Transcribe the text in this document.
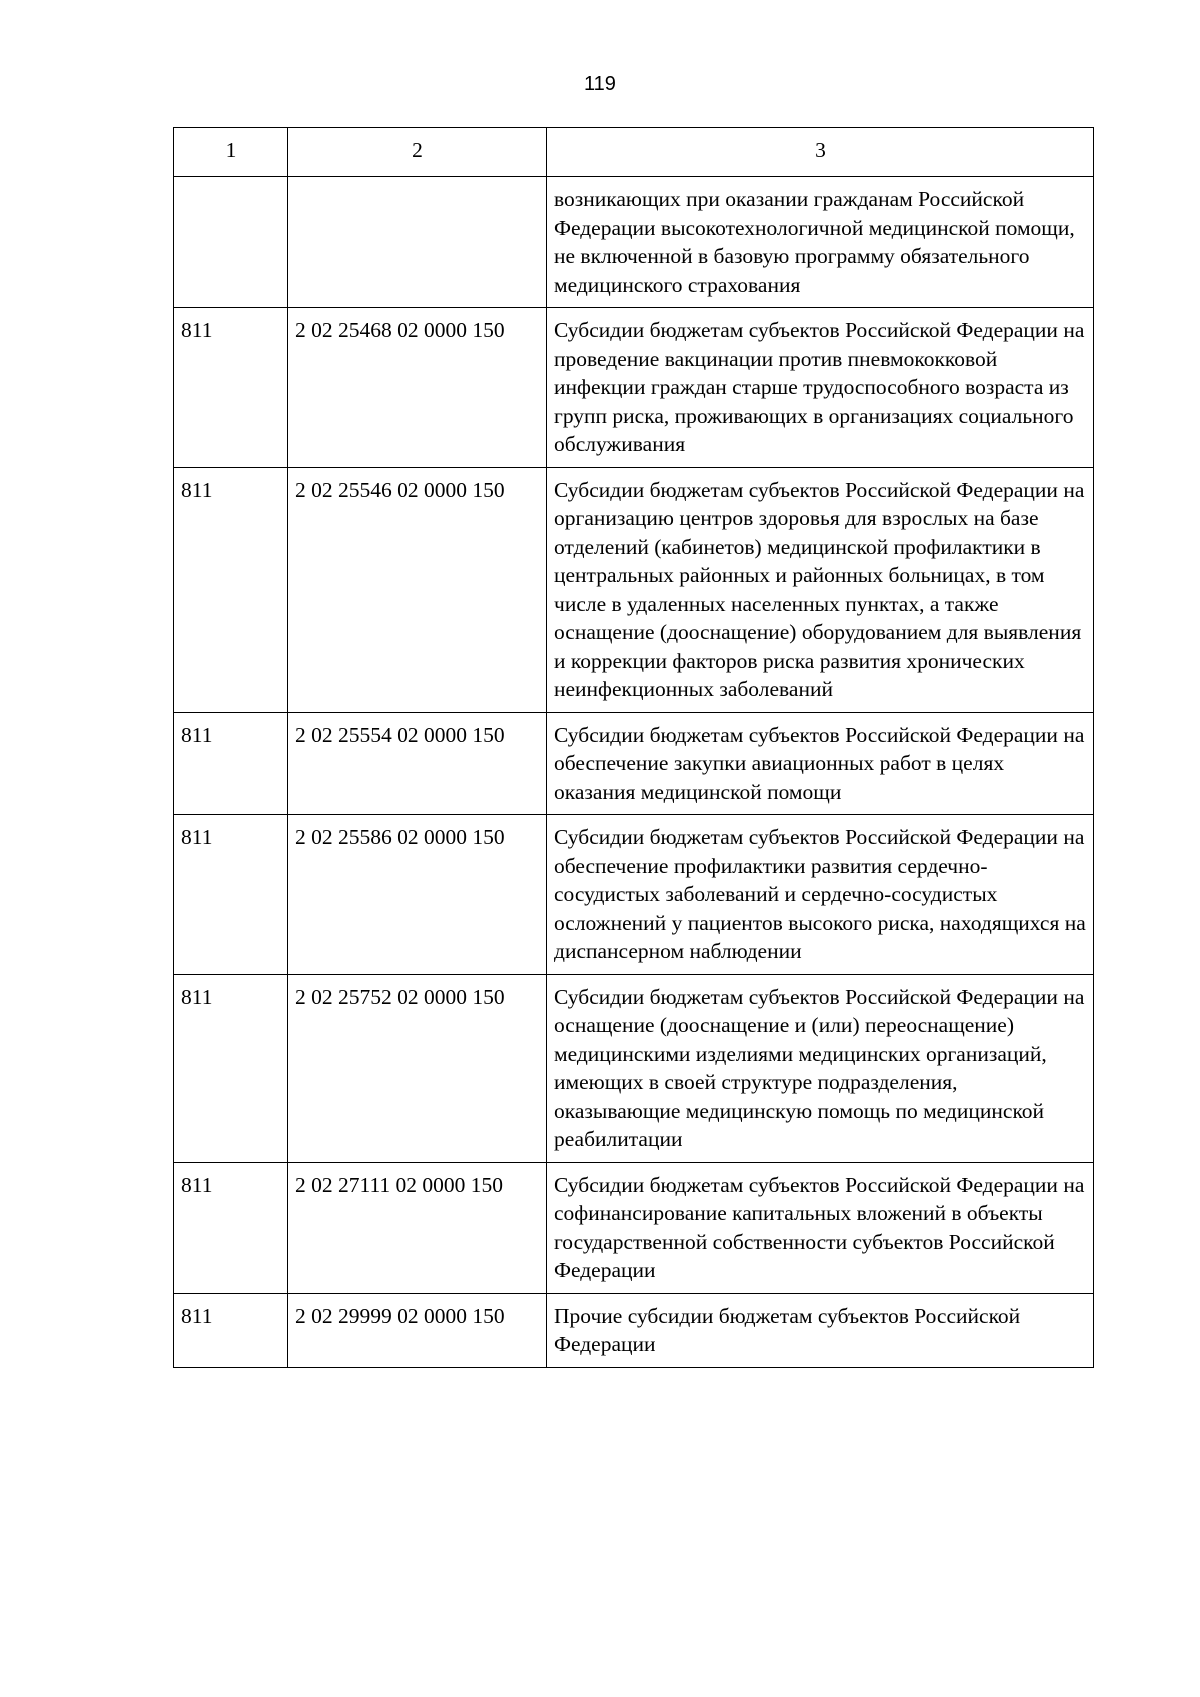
119
1	2	3
		возникающих при оказании гражданам Российской Федерации высокотехнологичной медицинской помощи, не включенной в базовую программу обязательного медицинского страхования
811	2 02 25468 02 0000 150	Субсидии бюджетам субъектов Российской Федерации на проведение вакцинации против пневмококковой инфекции граждан старше трудоспособного возраста из групп риска, проживающих в организациях социального обслуживания
811	2 02 25546 02 0000 150	Субсидии бюджетам субъектов Российской Федерации на организацию центров здоровья для взрослых на базе отделений (кабинетов) медицинской профилактики в центральных районных и районных больницах, в том числе в удаленных населенных пунктах, а также оснащение (дооснащение) оборудованием для выявления и коррекции факторов риска развития хронических неинфекционных заболеваний
811	2 02 25554 02 0000 150	Субсидии бюджетам субъектов Российской Федерации на обеспечение закупки авиационных работ в целях оказания медицинской помощи
811	2 02 25586 02 0000 150	Субсидии бюджетам субъектов Российской Федерации на обеспечение профилактики развития сердечно-сосудистых заболеваний и сердечно-сосудистых осложнений у пациентов высокого риска, находящихся на диспансерном наблюдении
811	2 02 25752 02 0000 150	Субсидии бюджетам субъектов Российской Федерации на оснащение (дооснащение и (или) переоснащение) медицинскими изделиями медицинских организаций, имеющих в своей структуре подразделения, оказывающие медицинскую помощь по медицинской реабилитации
811	2 02 27111 02 0000 150	Субсидии бюджетам субъектов Российской Федерации на софинансирование капитальных вложений в объекты государственной собственности субъектов Российской Федерации
811	2 02 29999 02 0000 150	Прочие субсидии бюджетам субъектов Российской Федерации
